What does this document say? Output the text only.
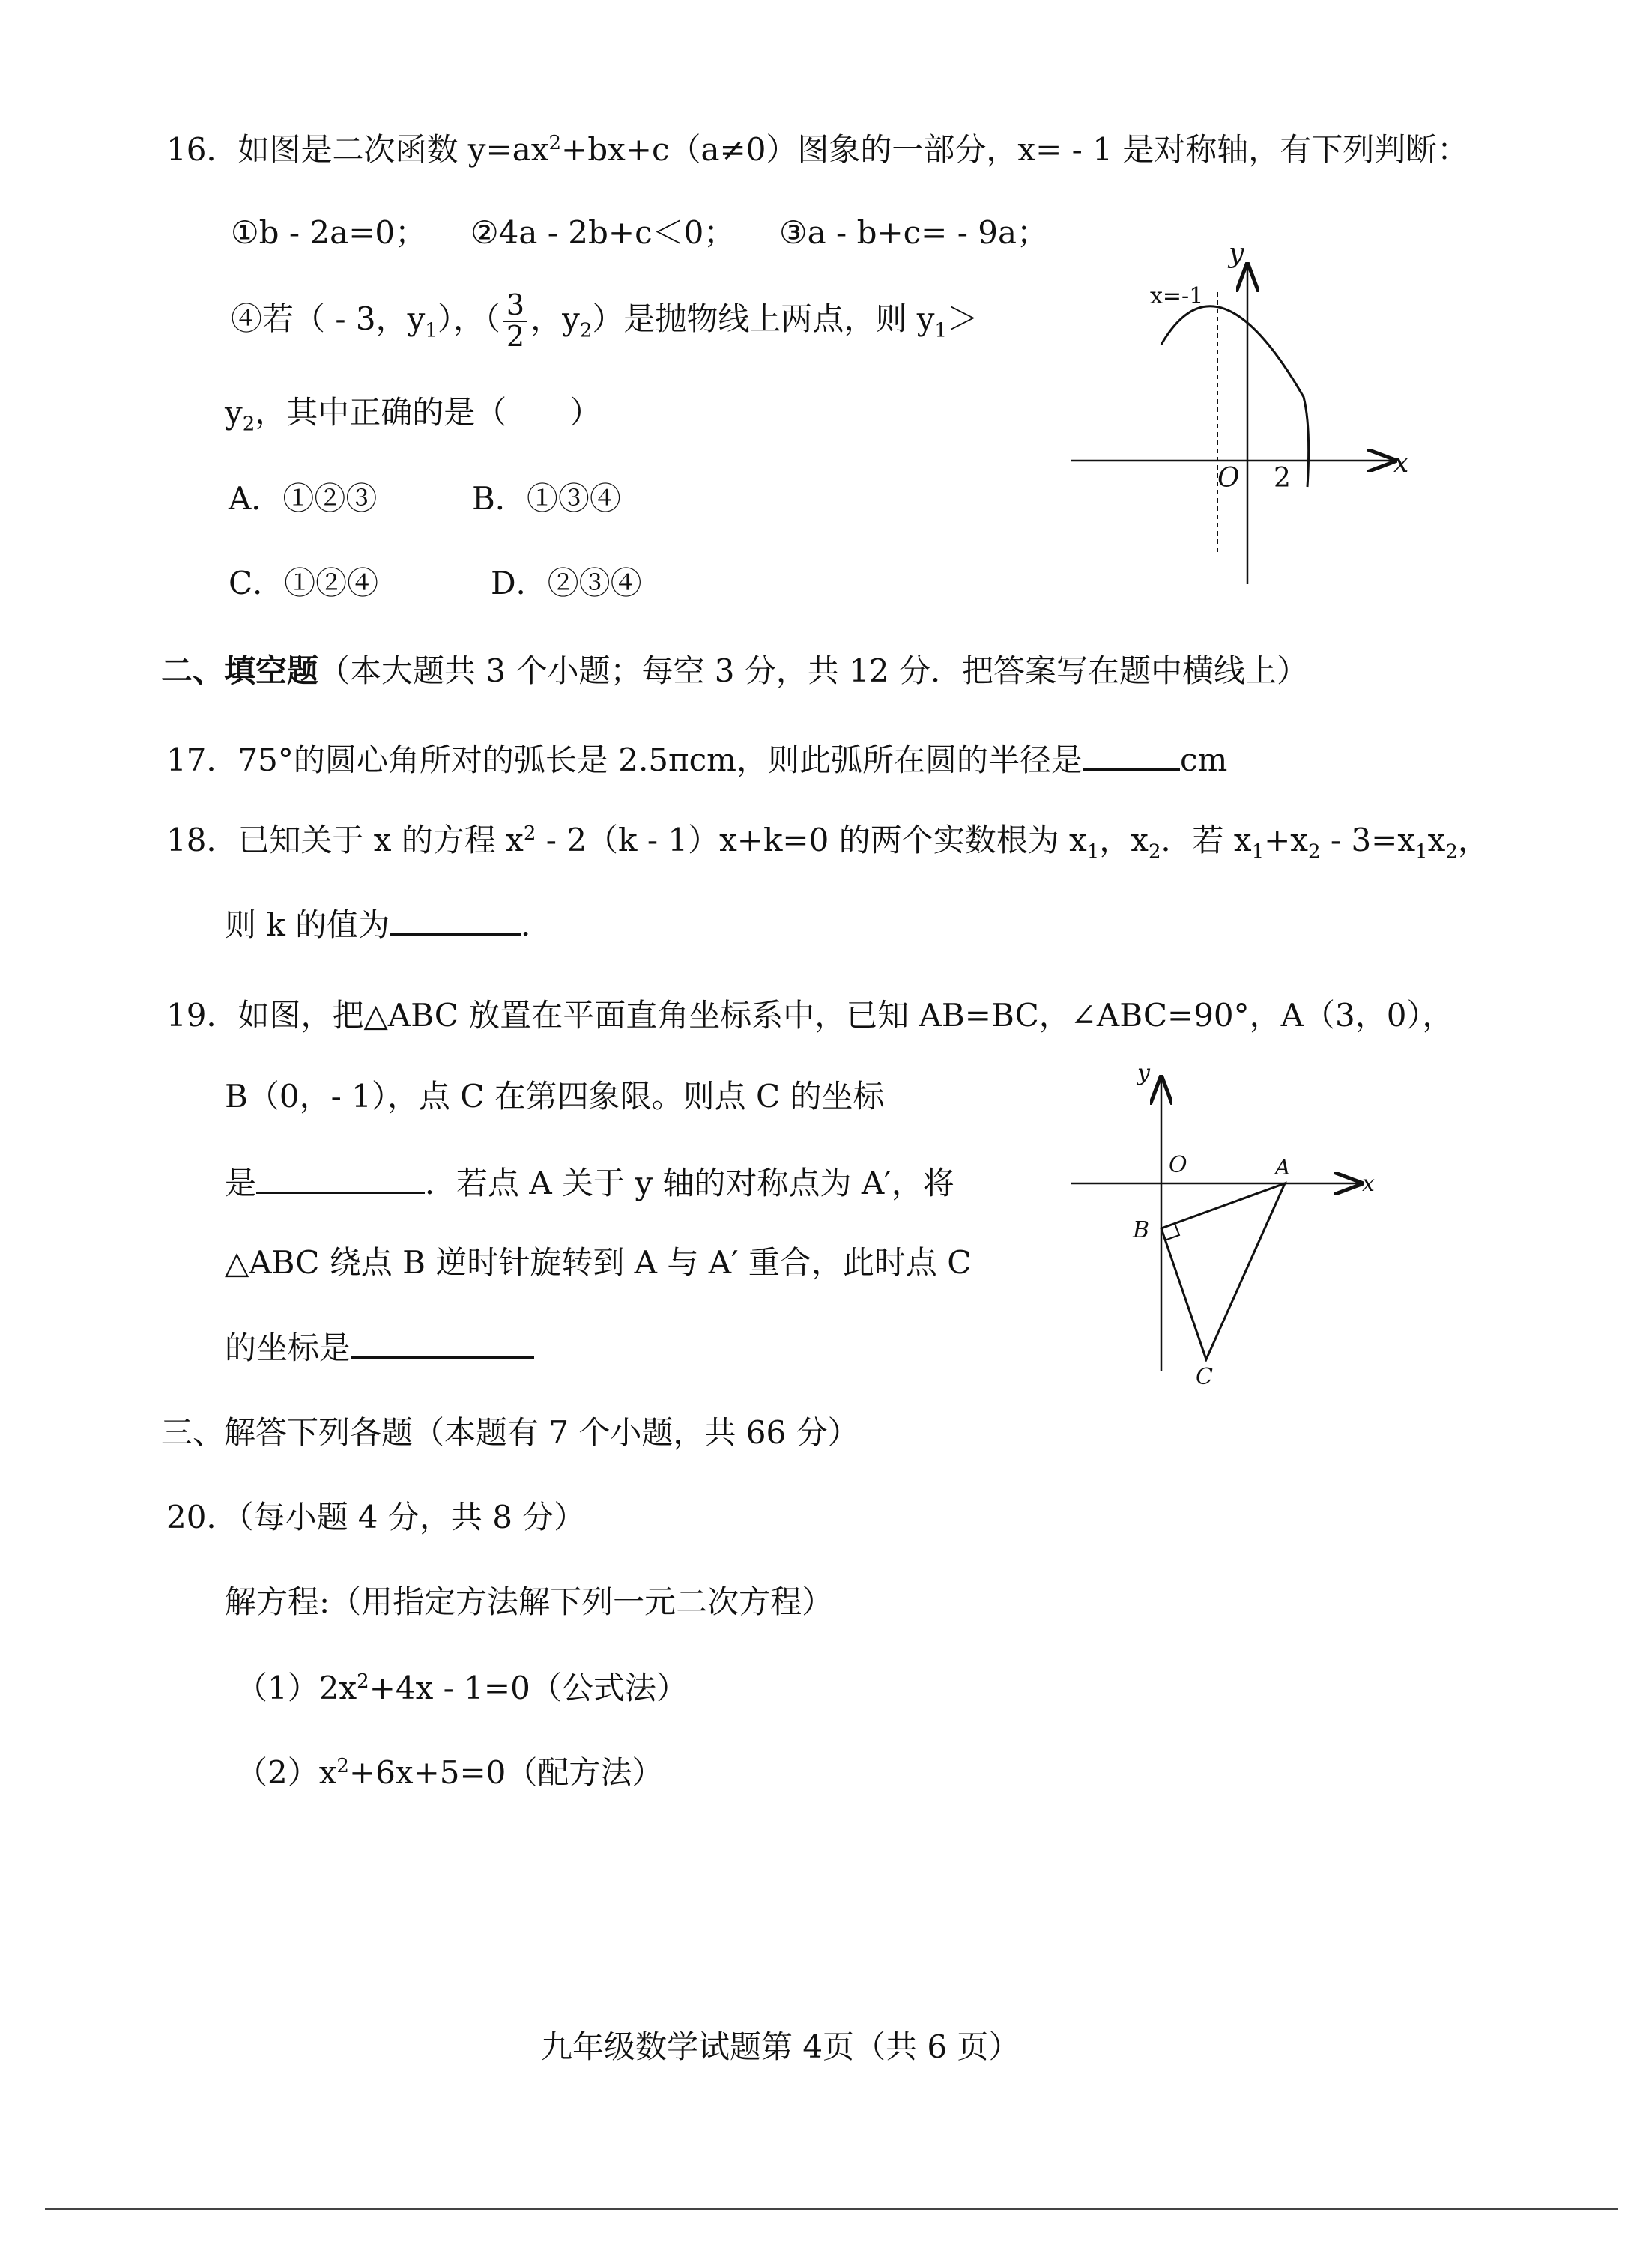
16．如图是二次函数 $y=ax^2+bx+c(a\ne 0)$图象的一部分，x= - 1 是对称轴，有下列判断：
①b - 2a=0； ②4a - 2b+c＜0； ③a - b+c= - 9a；
④若（ - 3，$y_1$），（ $\frac{3}{2}$ ，$y_2$）是抛物线上两点，则 $y_1>$
$y_2$，其中正确的是（　　）
A．①②③	B．①③④
C．①②④	D．②③④
y
x
O 2
x=-1
二、填空题（本大题共 3 个小题；每空 3 分，共 12 分．把答案写在题中横线上）
17．75°的圆心角所对的弧长是 2.5πcm，则此弧所在圆的半径是	cm
18．已知关于 x 的方程 $x^2 - 2(k - 1)x+k=0$ 的两个实数根为 $x_1$，$x_2$．若 $x_1+x_2 - 3=x_1x_2$，
则 k 的值为	．
19．如图，把△ABC 放置在平面直角坐标系中，已知 AB=BC，∠ABC=90°，A（3，0），
B（0，- 1），点 C 在第四象限。则点 C 的坐标
是	．若点 A 关于 y 轴的对称点为 A′，将
△ABC 绕点 B 逆时针旋转到 A 与 A′ 重合，此时点 C
的坐标是
y
x
O	A
B
C
三、解答下列各题（本题有 7 个小题，共 66 分）
20．（每小题 4 分，共 8 分）
解方程:（用指定方法解下列一元二次方程）
$(1)2x^2+4x - 1=0$（公式法）
$(2)x^2+6x+5=0$（配方法）
九年级数学试题第 4页（共 6 页）
